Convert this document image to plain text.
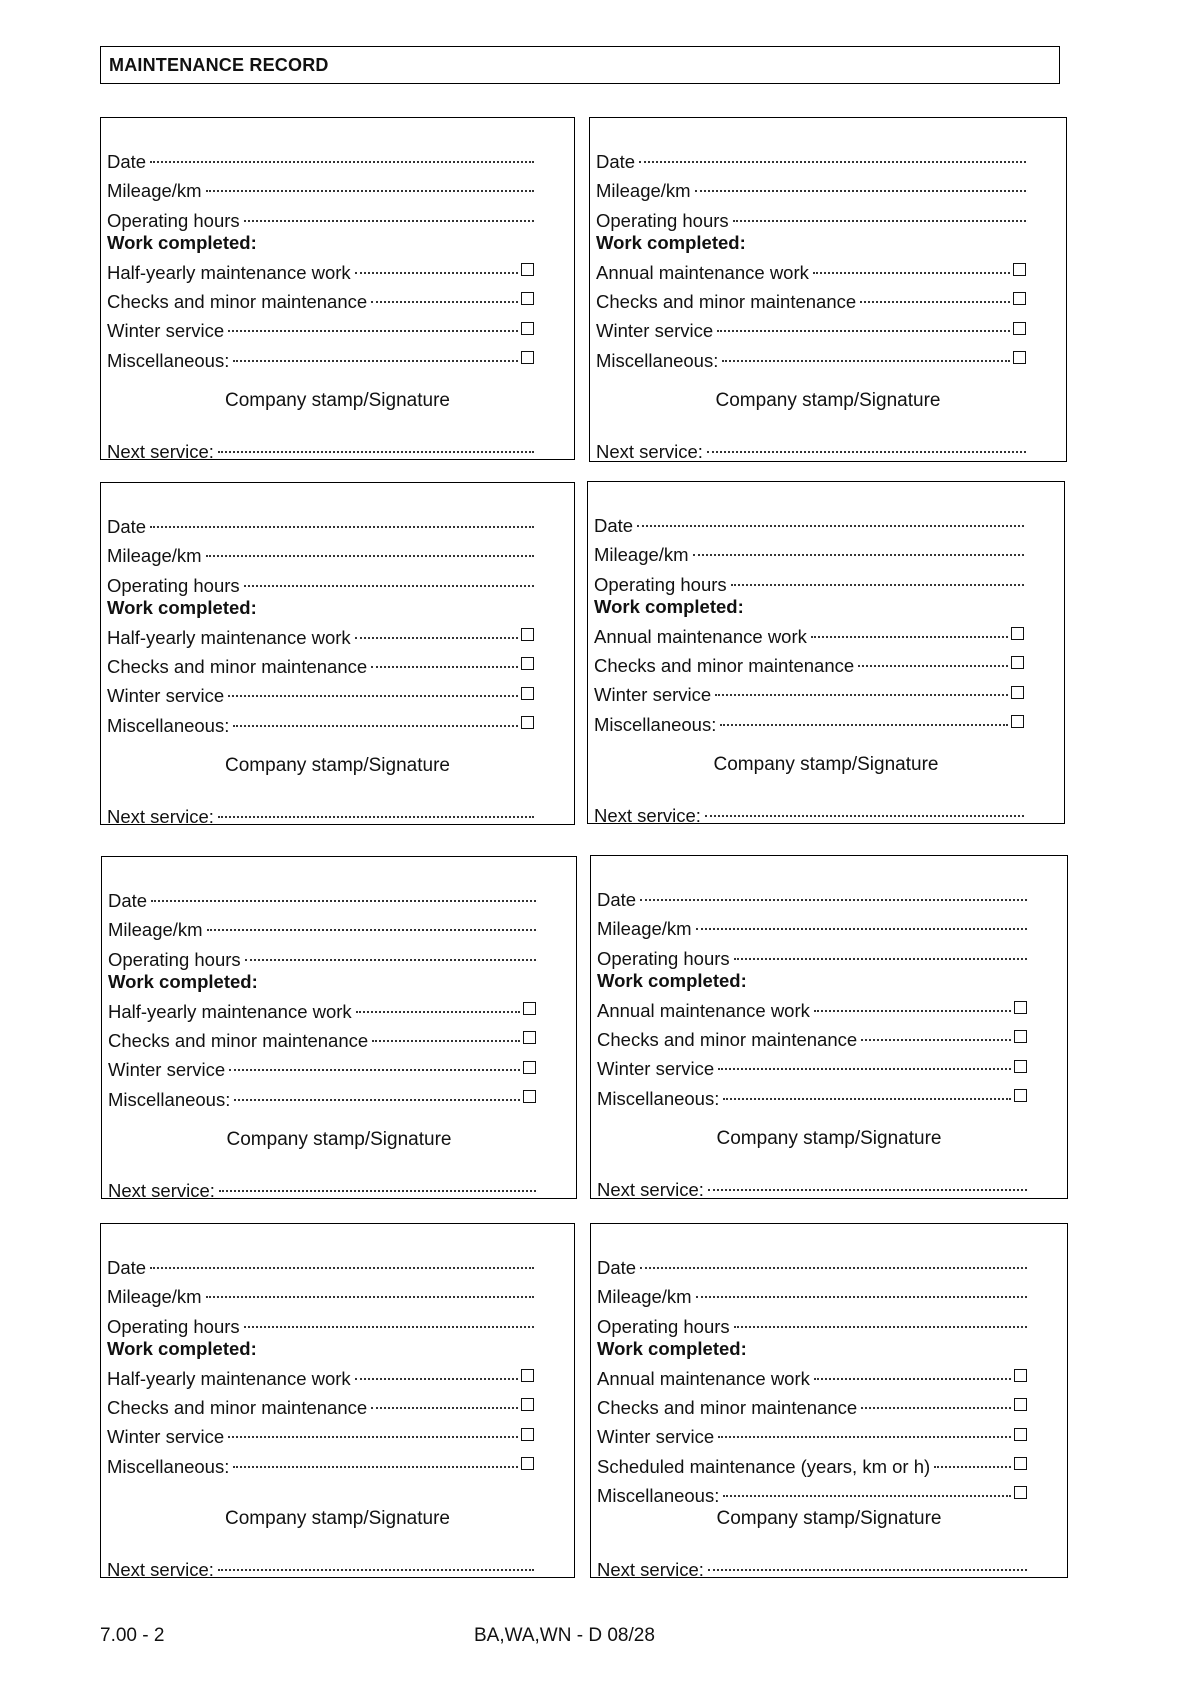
MAINTENANCE RECORD
Date
Mileage/km
Operating hours
Work completed:
Half-yearly maintenance work
Checks and minor maintenance
Winter service
Miscellaneous:
Company stamp/Signature
Next service:
Date
Mileage/km
Operating hours
Work completed:
Annual maintenance work
Checks and minor maintenance
Winter service
Miscellaneous:
Company stamp/Signature
Next service:
Date
Mileage/km
Operating hours
Work completed:
Half-yearly maintenance work
Checks and minor maintenance
Winter service
Miscellaneous:
Company stamp/Signature
Next service:
Date
Mileage/km
Operating hours
Work completed:
Annual maintenance work
Checks and minor maintenance
Winter service
Miscellaneous:
Company stamp/Signature
Next service:
Date
Mileage/km
Operating hours
Work completed:
Half-yearly maintenance work
Checks and minor maintenance
Winter service
Miscellaneous:
Company stamp/Signature
Next service:
Date
Mileage/km
Operating hours
Work completed:
Annual maintenance work
Checks and minor maintenance
Winter service
Miscellaneous:
Company stamp/Signature
Next service:
Date
Mileage/km
Operating hours
Work completed:
Half-yearly maintenance work
Checks and minor maintenance
Winter service
Miscellaneous:
Company stamp/Signature
Next service:
Date
Mileage/km
Operating hours
Work completed:
Annual maintenance work
Checks and minor maintenance
Winter service
Scheduled maintenance (years, km or h)
Miscellaneous:
Company stamp/Signature
Next service:
7.00 - 2	BA,WA,WN - D 08/28
